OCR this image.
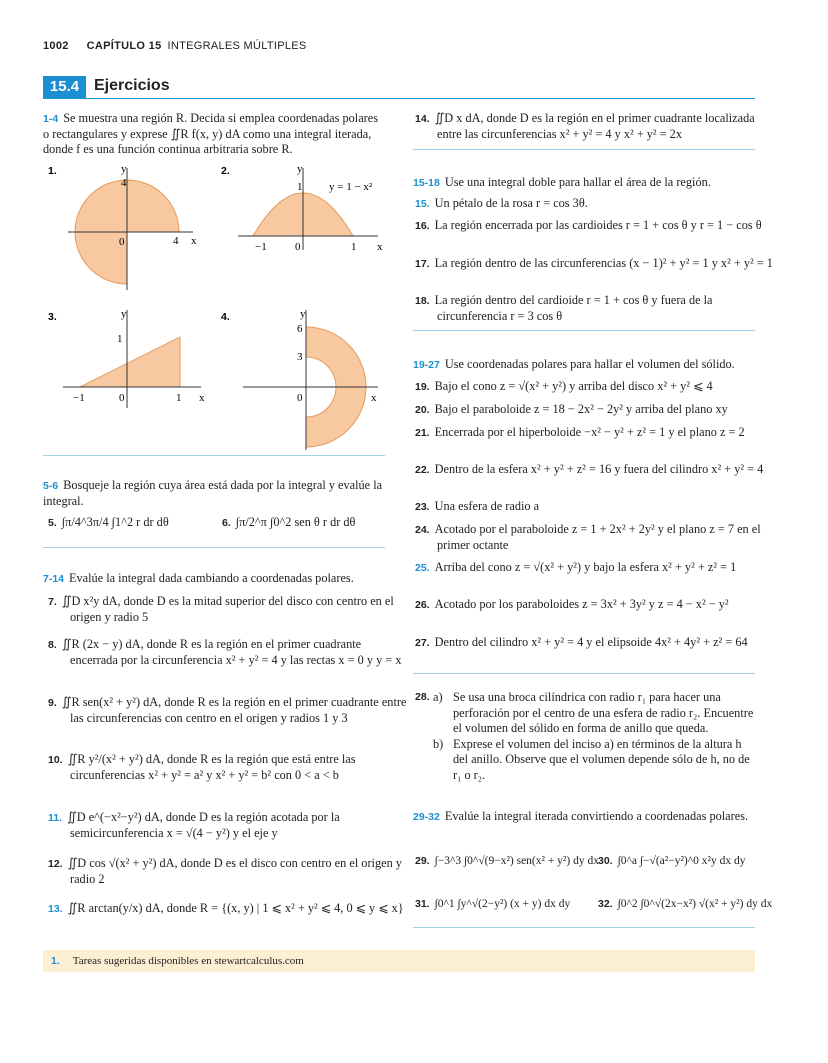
1002 CAPÍTULO 15 INTEGRALES MÚLTIPLES
15.4 Ejercicios
1-4 Se muestra una región R. Decida si emplea coordenadas polares o rectangulares y exprese ∬R f(x, y) dA como una integral iterada, donde f es una función continua arbitraria sobre R.
1.	y
4
0	4 x
2.	y
1 y = 1 − x²
−1	0	1 x
3.	y
1
−1	0	1 x
4.	y
6
3
0	x
5-6 Bosqueje la región cuya área está dada por la integral y evalúe la integral.
5. ∫π/4^3π/4 ∫1^2 r dr dθ	6. ∫π/2^π ∫0^2 sen θ r dr dθ
7-14 Evalúe la integral dada cambiando a coordenadas polares.
7. ∬D x²y dA, donde D es la mitad superior del disco con centro en el origen y radio 5
8. ∬R (2x − y) dA, donde R es la región en el primer cuadrante encerrada por la circunferencia x² + y² = 4 y las rectas x = 0 y y = x
9. ∬R sen(x² + y²) dA, donde R es la región en el primer cuadrante entre las circunferencias con centro en el origen y radios 1 y 3
10. ∬R y²/(x² + y²) dA, donde R es la región que está entre las circunferencias x² + y² = a² y x² + y² = b² con 0 < a < b
11. ∬D e^(−x²−y²) dA, donde D es la región acotada por la semicircunferencia x = √(4 − y²) y el eje y
12. ∬D cos √(x² + y²) dA, donde D es el disco con centro en el origen y radio 2
13. ∬R arctan(y/x) dA, donde R = {(x, y) | 1 ⩽ x² + y² ⩽ 4, 0 ⩽ y ⩽ x}
14. ∬D x dA, donde D es la región en el primer cuadrante localizada entre las circunferencias x² + y² = 4 y x² + y² = 2x
15-18 Use una integral doble para hallar el área de la región.
15. Un pétalo de la rosa r = cos 3θ.
16. La región encerrada por las cardioides r = 1 + cos θ y r = 1 − cos θ
17. La región dentro de las circunferencias (x − 1)² + y² = 1 y x² + y² = 1
18. La región dentro del cardioide r = 1 + cos θ y fuera de la circunferencia r = 3 cos θ
19-27 Use coordenadas polares para hallar el volumen del sólido.
19. Bajo el cono z = √(x² + y²) y arriba del disco x² + y² ⩽ 4
20. Bajo el paraboloide z = 18 − 2x² − 2y² y arriba del plano xy
21. Encerrada por el hiperboloide −x² − y² + z² = 1 y el plano z = 2
22. Dentro de la esfera x² + y² + z² = 16 y fuera del cilindro x² + y² = 4
23. Una esfera de radio a
24. Acotado por el paraboloide z = 1 + 2x² + 2y² y el plano z = 7 en el primer octante
25. Arriba del cono z = √(x² + y²) y bajo la esfera x² + y² + z² = 1
26. Acotado por los paraboloides z = 3x² + 3y² y z = 4 − x² − y²
27. Dentro del cilindro x² + y² = 4 y el elipsoide 4x² + 4y² + z² = 64
28. a) Se usa una broca cilíndrica con radio r₁ para hacer una perforación por el centro de una esfera de radio r₂. Encuentre el volumen del sólido en forma de anillo que queda.
b) Exprese el volumen del inciso a) en términos de la altura h del anillo. Observe que el volumen depende sólo de h, no de r₁ o r₂.
29-32 Evalúe la integral iterada convirtiendo a coordenadas polares.
29. ∫−3^3 ∫0^√(9−x²) sen(x² + y²) dy dx 30. ∫0^a ∫−√(a²−y²)^0 x²y dx dy
31. ∫0^1 ∫y^√(2−y²) (x + y) dx dy	32. ∫0^2 ∫0^√(2x−x²) √(x² + y²) dy dx
1. Tareas sugeridas disponibles en stewartcalculus.com
